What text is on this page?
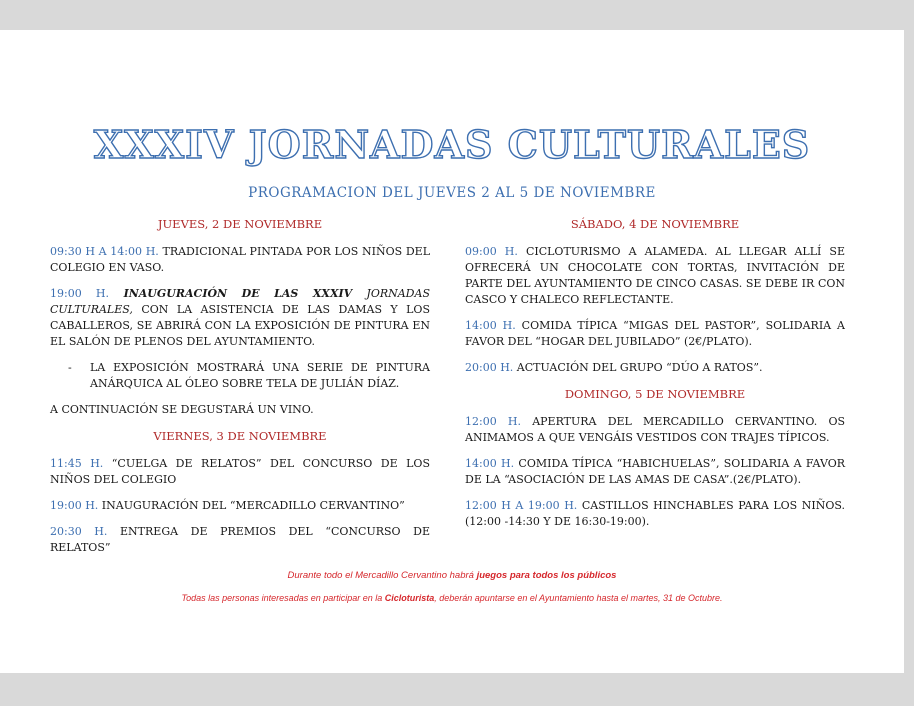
XXXIV JORNADAS CULTURALES
PROGRAMACION DEL JUEVES 2 AL 5 DE NOVIEMBRE
JUEVES, 2 DE NOVIEMBRE
09:30 H A 14:00 H. TRADICIONAL PINTADA POR LOS NIÑOS DEL COLEGIO EN VASO.
19:00 H. INAUGURACIÓN DE LAS XXXIV JORNADAS CULTURALES, CON LA ASISTENCIA DE LAS DAMAS Y LOS CABALLEROS, SE ABRIRÁ CON LA EXPOSICIÓN DE PINTURA EN EL SALÓN DE PLENOS DEL AYUNTAMIENTO.
-	LA EXPOSICIÓN MOSTRARÁ UNA SERIE DE PINTURA ANÁRQUICA AL ÓLEO SOBRE TELA DE JULIÁN DÍAZ.
A CONTINUACIÓN SE DEGUSTARÁ UN VINO.
VIERNES, 3 DE NOVIEMBRE
11:45 H. “CUELGA DE RELATOS” DEL CONCURSO DE LOS NIÑOS DEL COLEGIO
19:00 H. INAUGURACIÓN DEL “MERCADILLO CERVANTINO”
20:30 H. ENTREGA DE PREMIOS DEL “CONCURSO DE RELATOS”
SÁBADO, 4 DE NOVIEMBRE
09:00 H. CICLOTURISMO A ALAMEDA. AL LLEGAR ALLÍ SE OFRECERÁ UN CHOCOLATE CON TORTAS, INVITACIÓN DE PARTE DEL AYUNTAMIENTO DE CINCO CASAS. SE DEBE IR CON CASCO Y CHALECO REFLECTANTE.
14:00 H. COMIDA TÍPICA “MIGAS DEL PASTOR”, SOLIDARIA A FAVOR DEL “HOGAR DEL JUBILADO” (2€/PLATO).
20:00 H. ACTUACIÓN DEL GRUPO “DÚO A RATOS”.
DOMINGO, 5 DE NOVIEMBRE
12:00 H. APERTURA DEL MERCADILLO CERVANTINO. OS ANIMAMOS A QUE VENGÁIS VESTIDOS CON TRAJES TÍPICOS.
14:00 H. COMIDA TÍPICA “HABICHUELAS”, SOLIDARIA A FAVOR DE LA “ASOCIACIÓN DE LAS AMAS DE CASA”.(2€/PLATO).
12:00 H A 19:00 H. CASTILLOS HINCHABLES PARA LOS NIÑOS. (12:00 -14:30 Y DE 16:30-19:00).
Durante todo el Mercadillo Cervantino habrá juegos para todos los públicos
Todas las personas interesadas en participar en la Cicloturista, deberán apuntarse en el Ayuntamiento hasta el martes, 31 de Octubre.
